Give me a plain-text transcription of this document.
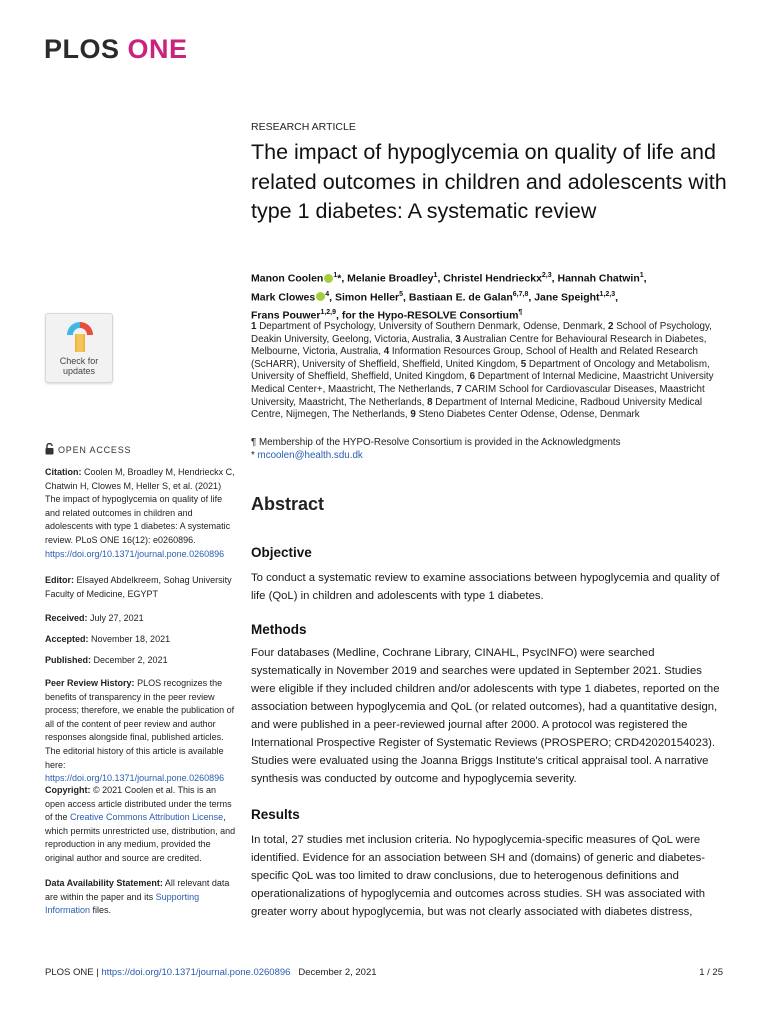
PLOS ONE
RESEARCH ARTICLE
The impact of hypoglycemia on quality of life and related outcomes in children and adolescents with type 1 diabetes: A systematic review
Manon Coolen $^1$*, Melanie Broadley$^1$, Christel Hendrieckx$^{2,3}$, Hannah Chatwin$^1$,
Mark Clowes $^4$, Simon Heller$^5$, Bastiaan E. de Galan$^{6,7,8}$, Jane Speight$^{1,2,3}$,
Frans Pouwer$^{1,2,9}$, for the Hypo-RESOLVE Consortium¶
1 Department of Psychology, University of Southern Denmark, Odense, Denmark, 2 School of Psychology, Deakin University, Geelong, Victoria, Australia, 3 Australian Centre for Behavioural Research in Diabetes, Melbourne, Victoria, Australia, 4 Information Resources Group, School of Health and Related Research (ScHARR), University of Sheffield, Sheffield, United Kingdom, 5 Department of Oncology and Metabolism, University of Sheffield, Sheffield, United Kingdom, 6 Department of Internal Medicine, Maastricht University Medical Center+, Maastricht, The Netherlands, 7 CARIM School for Cardiovascular Diseases, Maastricht University, Maastricht, The Netherlands, 8 Department of Internal Medicine, Radboud University Medical Centre, Nijmegen, The Netherlands, 9 Steno Diabetes Center Odense, Odense, Denmark
¶ Membership of the HYPO-Resolve Consortium is provided in the Acknowledgments
* mcoolen@health.sdu.dk
Abstract
Objective

To conduct a systematic review to examine associations between hypoglycemia and quality of life (QoL) in children and adolescents with type 1 diabetes.

Methods

Four databases (Medline, Cochrane Library, CINAHL, PsycINFO) were searched systematically in November 2019 and searches were updated in September 2021. Studies were eligible if they included children and/or adolescents with type 1 diabetes, reported on the association between hypoglycemia and QoL (or related outcomes), had a quantitative design, and were published in a peer-reviewed journal after 2000. A protocol was registered the International Prospective Register of Systematic Reviews (PROSPERO; CRD42020154023). Studies were evaluated using the Joanna Briggs Institute's critical appraisal tool. A narrative synthesis was conducted by outcome and hypoglycemia severity.

Results

In total, 27 studies met inclusion criteria. No hypoglycemia-specific measures of QoL were identified. Evidence for an association between SH and (domains) of generic and diabetes-specific QoL was too limited to draw conclusions, due to heterogenous definitions and operationalizations of hypoglycemia and outcomes across studies. SH was associated with greater worry about hypoglycemia, but was not clearly associated with diabetes distress,

Check for
updates
OPEN ACCESS
Citation: Coolen M, Broadley M, Hendrieckx C, Chatwin H, Clowes M, Heller S, et al. (2021) The impact of hypoglycemia on quality of life and related outcomes in children and adolescents with type 1 diabetes: A systematic review. PLoS ONE 16(12): e0260896. https://doi.org/10.1371/journal.pone.0260896
Editor: Elsayed Abdelkreem, Sohag University Faculty of Medicine, EGYPT
Received: July 27, 2021
Accepted: November 18, 2021
Published: December 2, 2021
Peer Review History: PLOS recognizes the benefits of transparency in the peer review process; therefore, we enable the publication of all of the content of peer review and author responses alongside final, published articles. The editorial history of this article is available here: https://doi.org/10.1371/journal.pone.0260896
Copyright: © 2021 Coolen et al. This is an open access article distributed under the terms of the Creative Commons Attribution License, which permits unrestricted use, distribution, and reproduction in any medium, provided the original author and source are credited.
Data Availability Statement: All relevant data are within the paper and its Supporting Information files.
PLOS ONE | https://doi.org/10.1371/journal.pone.0260896 December 2, 2021	1 / 25
